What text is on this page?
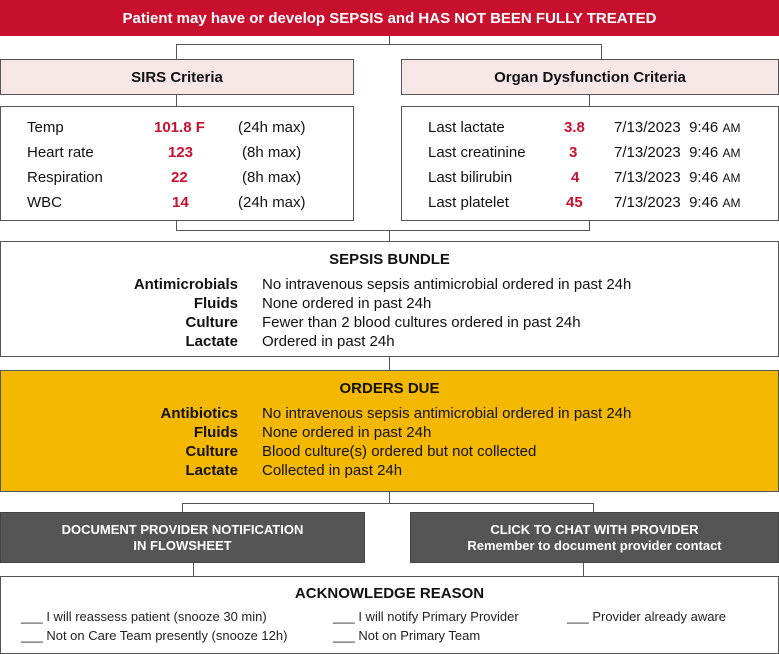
Patient may have or develop SEPSIS and HAS NOT BEEN FULLY TREATED
SIRS Criteria	Organ Dysfunction Criteria
Temp	101.8 F (24h max)
Heart rate	123	(8h max)
Respiration	22	(8h max)
WBC	14	(24h max)
Last lactate	3.8 7/13/2023 9:46 AM
Last creatinine	3 7/13/2023 9:46 AM
Last bilirubin	4 7/13/2023 9:46 AM
Last platelet	45 7/13/2023 9:46 AM
SEPSIS BUNDLE
Antimicrobials No intravenous sepsis antimicrobial ordered in past 24h
Fluids None ordered in past 24h
Culture Fewer than 2 blood cultures ordered in past 24h
Lactate Ordered in past 24h
ORDERS DUE
Antibiotics No intravenous sepsis antimicrobial ordered in past 24h
Fluids None ordered in past 24h
Culture Blood culture(s) ordered but not collected
Lactate Collected in past 24h
DOCUMENT PROVIDER NOTIFICATION
IN FLOWSHEET
CLICK TO CHAT WITH PROVIDER
Remember to document provider contact
ACKNOWLEDGE REASON
___ I will reassess patient (snooze 30 min)	___ I will notify Primary Provider	___ Provider already aware
___ Not on Care Team presently (snooze 12h)	___ Not on Primary Team
